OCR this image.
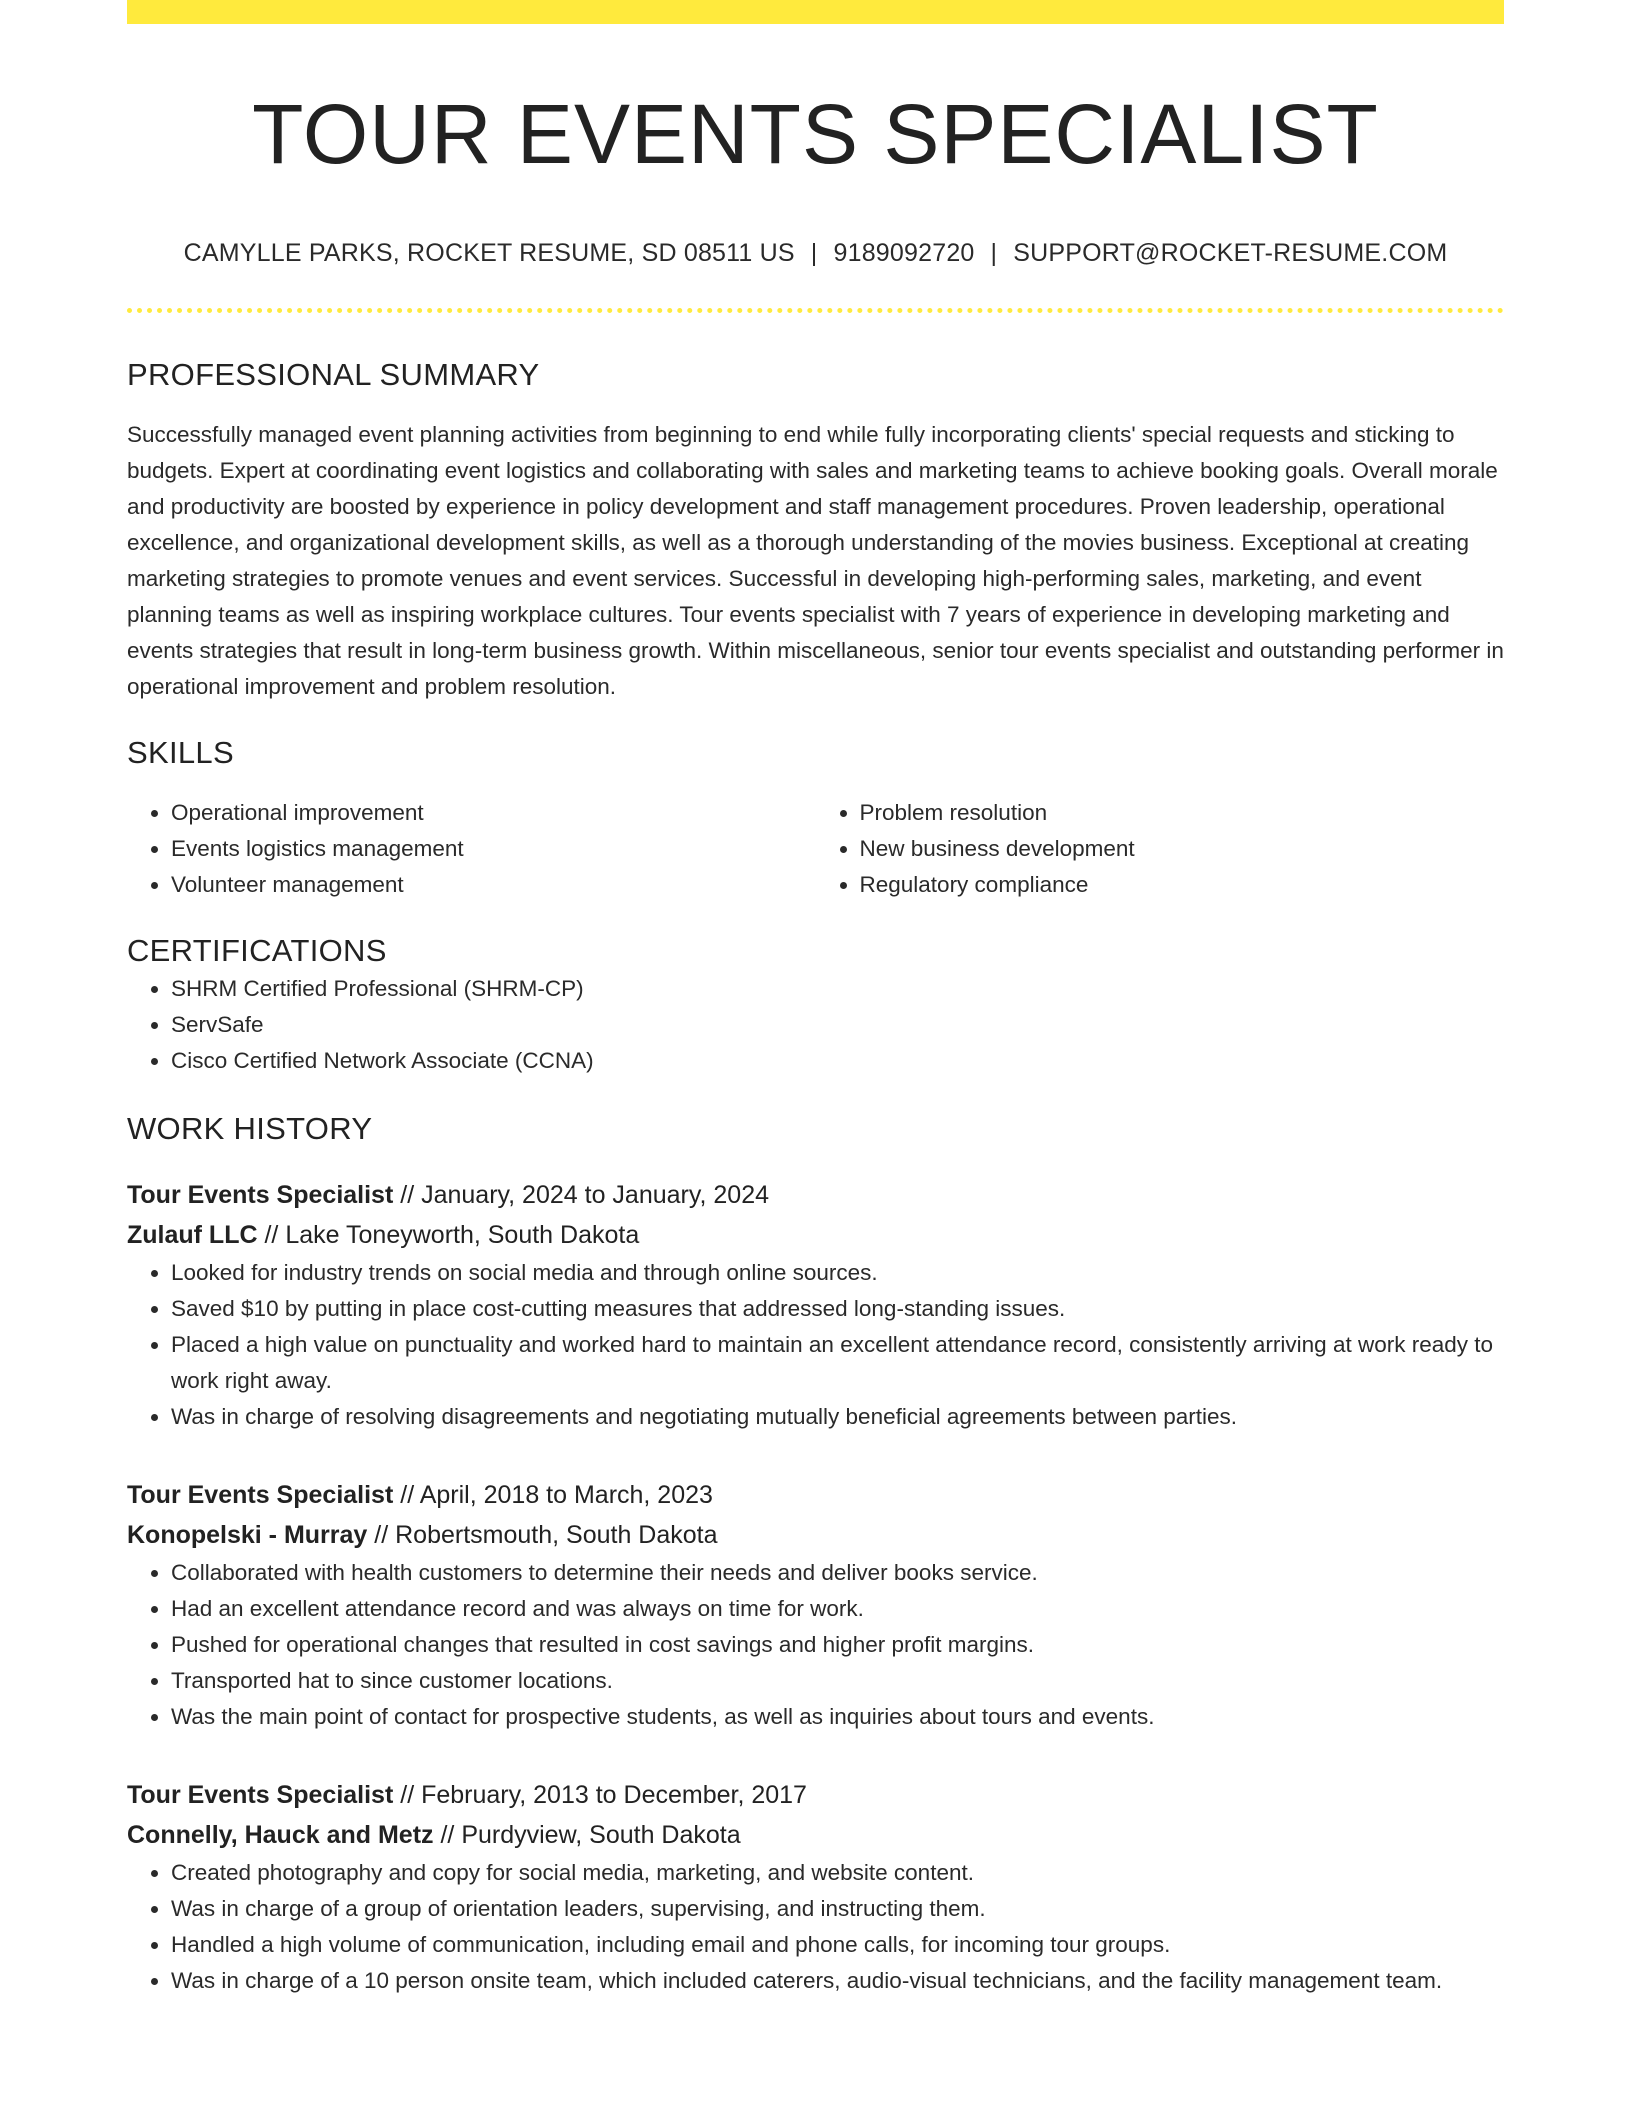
TOUR EVENTS SPECIALIST
CAMYLLE PARKS, ROCKET RESUME, SD 08511 US | 9189092720 | SUPPORT@ROCKET-RESUME.COM
PROFESSIONAL SUMMARY
Successfully managed event planning activities from beginning to end while fully incorporating clients' special requests and sticking to budgets. Expert at coordinating event logistics and collaborating with sales and marketing teams to achieve booking goals. Overall morale and productivity are boosted by experience in policy development and staff management procedures. Proven leadership, operational excellence, and organizational development skills, as well as a thorough understanding of the movies business. Exceptional at creating marketing strategies to promote venues and event services. Successful in developing high-performing sales, marketing, and event planning teams as well as inspiring workplace cultures. Tour events specialist with 7 years of experience in developing marketing and events strategies that result in long-term business growth. Within miscellaneous, senior tour events specialist and outstanding performer in operational improvement and problem resolution.
SKILLS
• Operational improvement
• Events logistics management
• Volunteer management
• Problem resolution
• New business development
• Regulatory compliance
CERTIFICATIONS
• SHRM Certified Professional (SHRM-CP)
• ServSafe
• Cisco Certified Network Associate (CCNA)
WORK HISTORY
Tour Events Specialist // January, 2024 to January, 2024
Zulauf LLC // Lake Toneyworth, South Dakota
• Looked for industry trends on social media and through online sources.
• Saved $10 by putting in place cost-cutting measures that addressed long-standing issues.
• Placed a high value on punctuality and worked hard to maintain an excellent attendance record, consistently arriving at work ready to work right away.
• Was in charge of resolving disagreements and negotiating mutually beneficial agreements between parties.
Tour Events Specialist // April, 2018 to March, 2023
Konopelski - Murray // Robertsmouth, South Dakota
• Collaborated with health customers to determine their needs and deliver books service.
• Had an excellent attendance record and was always on time for work.
• Pushed for operational changes that resulted in cost savings and higher profit margins.
• Transported hat to since customer locations.
• Was the main point of contact for prospective students, as well as inquiries about tours and events.
Tour Events Specialist // February, 2013 to December, 2017
Connelly, Hauck and Metz // Purdyview, South Dakota
• Created photography and copy for social media, marketing, and website content.
• Was in charge of a group of orientation leaders, supervising, and instructing them.
• Handled a high volume of communication, including email and phone calls, for incoming tour groups.
• Was in charge of a 10 person onsite team, which included caterers, audio-visual technicians, and the facility management team.
